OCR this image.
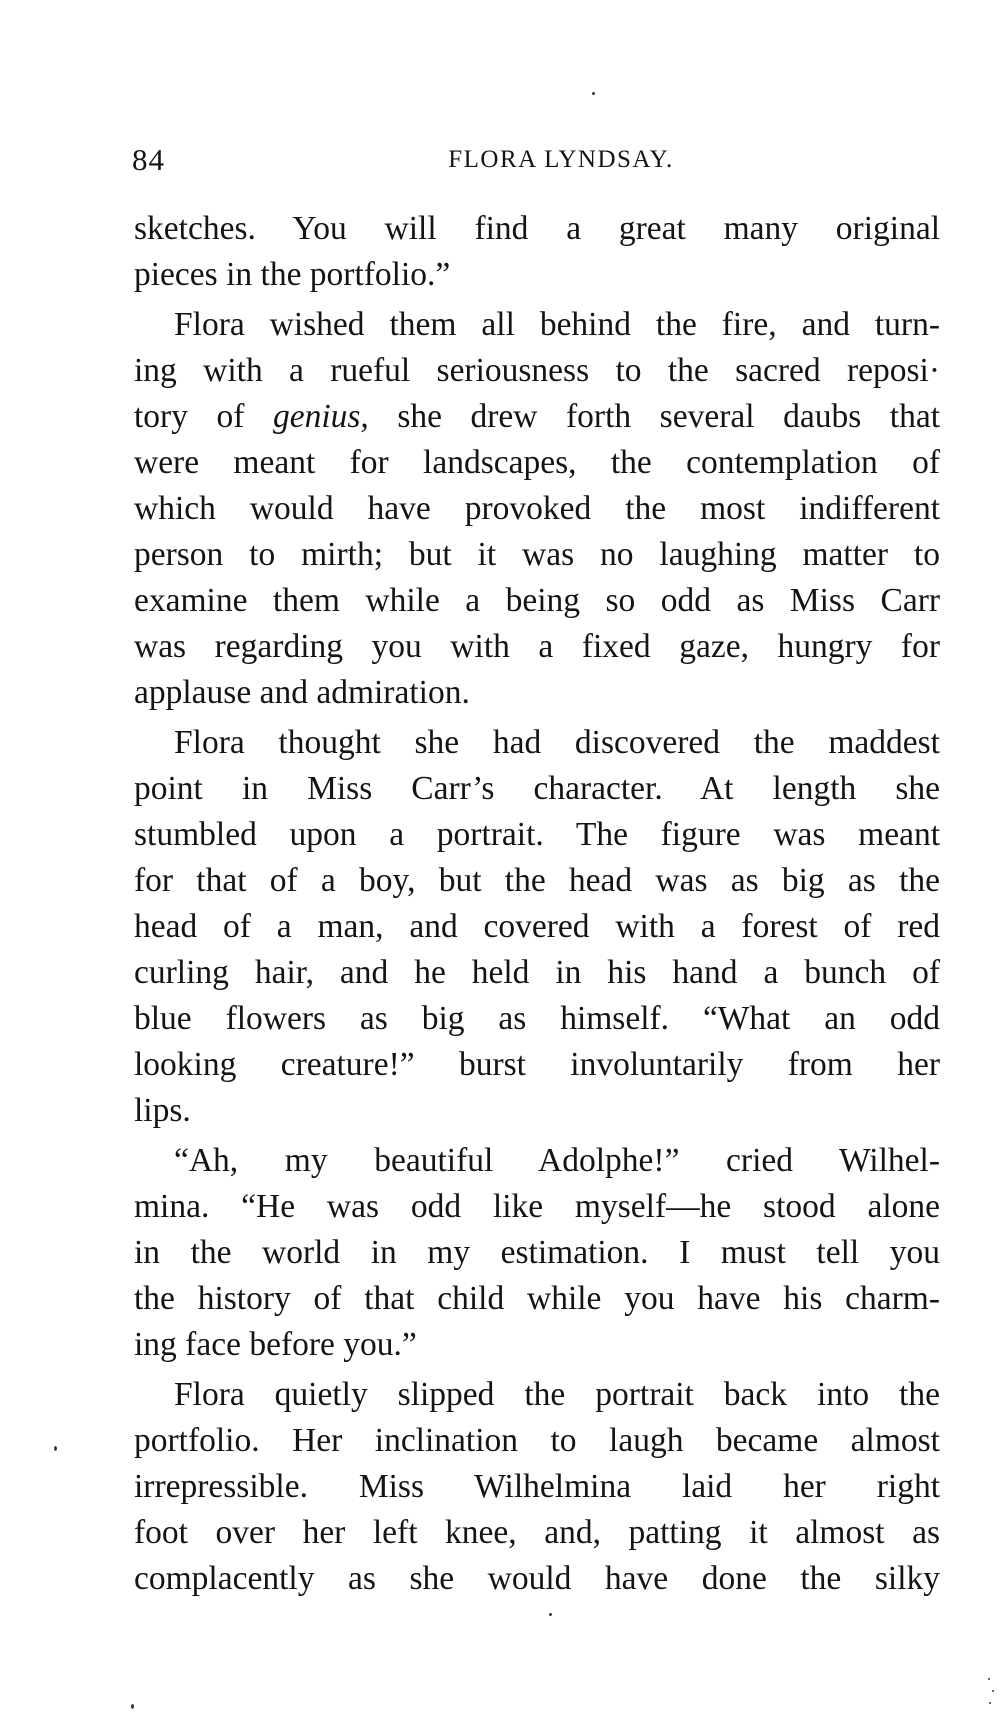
84	FLORA LYNDSAY.
sketches. You will find a great many original
pieces in the portfolio.”
Flora wished them all behind the fire, and turn-
ing with a rueful seriousness to the sacred reposi·
tory of genius, she drew forth several daubs that
were meant for landscapes, the contemplation of
which would have provoked the most indifferent
person to mirth; but it was no laughing matter to
examine them while a being so odd as Miss Carr
was regarding you with a fixed gaze, hungry for
applause and admiration.
Flora thought she had discovered the maddest
point in Miss Carr’s character. At length she
stumbled upon a portrait. The figure was meant
for that of a boy, but the head was as big as the
head of a man, and covered with a forest of red
curling hair, and he held in his hand a bunch of
blue flowers as big as himself. “What an odd
looking creature!” burst involuntarily from her
lips.
“Ah, my beautiful Adolphe!” cried Wilhel-
mina. “He was odd like myself—he stood alone
in the world in my estimation. I must tell you
the history of that child while you have his charm-
ing face before you.”
Flora quietly slipped the portrait back into the
portfolio. Her inclination to laugh became almost
irrepressible. Miss Wilhelmina laid her right
foot over her left knee, and, patting it almost as
complacently as she would have done the silky
